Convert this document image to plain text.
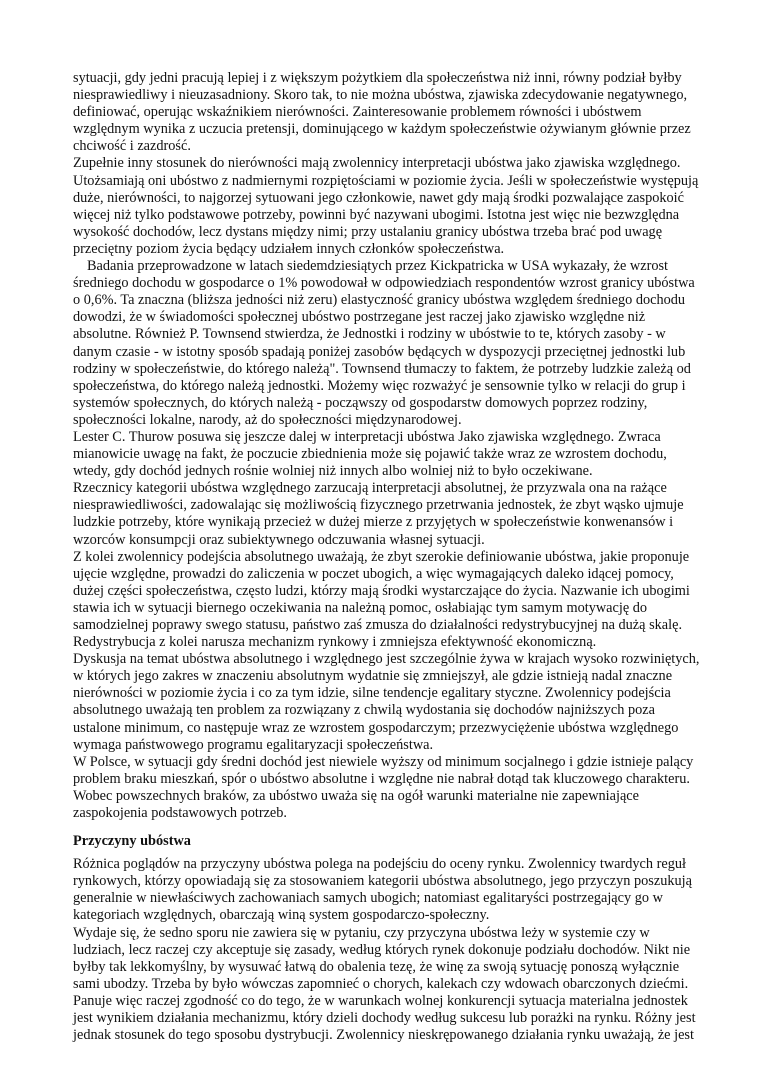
sytuacji, gdy jedni pracują lepiej i z większym pożytkiem dla społeczeństwa niż inni, równy podział byłby niesprawiedliwy i nieuzasadniony. Skoro tak, to nie można ubóstwa, zjawiska zdecydowanie negatywnego, definiować, operując wskaźnikiem nierówności. Zainteresowanie problemem równości i ubóstwem względnym wynika z uczucia pretensji, dominującego w każdym społeczeństwie ożywianym głównie przez chciwość i zazdrość.

Zupełnie inny stosunek do nierówności mają zwolennicy interpretacji ubóstwa jako zjawiska względnego. Utożsamiają oni ubóstwo z nadmiernymi rozpiętościami w poziomie życia. Jeśli w społeczeństwie występują duże, nierówności, to najgorzej sytuowani jego członkowie, nawet gdy mają środki pozwalające zaspokoić więcej niż tylko podstawowe potrzeby, powinni być nazywani ubogimi. Istotna jest więc nie bezwzględna wysokość dochodów, lecz dystans między nimi; przy ustalaniu granicy ubóstwa trzeba brać pod uwagę przeciętny poziom życia będący udziałem innych członków społeczeństwa.

Badania przeprowadzone w latach siedemdziesiątych przez Kickpatricka w USA wykazały, że wzrost średniego dochodu w gospodarce o 1% powodował w odpowiedziach respondentów wzrost granicy ubóstwa o 0,6%. Ta znaczna (bliższa jedności niż zeru) elastyczność granicy ubóstwa względem średniego dochodu dowodzi, że w świadomości społecznej ubóstwo postrzegane jest raczej jako zjawisko względne niż absolutne. Również P. Townsend stwierdza, że Jednostki i rodziny w ubóstwie to te, których zasoby - w danym czasie - w istotny sposób spadają poniżej zasobów będących w dyspozycji przeciętnej jednostki lub rodziny w społeczeństwie, do którego należą". Townsend tłumaczy to faktem, że potrzeby ludzkie zależą od społeczeństwa, do którego należą jednostki. Możemy więc rozważyć je sensownie tylko w relacji do grup i systemów społecznych, do których należą - począwszy od gospodarstw domowych poprzez rodziny, społeczności lokalne, narody, aż do społeczności międzynarodowej.

Lester C. Thurow posuwa się jeszcze dalej w interpretacji ubóstwa Jako zjawiska względnego. Zwraca mianowicie uwagę na fakt, że poczucie zbiednienia może się pojawić także wraz ze wzrostem dochodu, wtedy, gdy dochód jednych rośnie wolniej niż innych albo wolniej niż to było oczekiwane.

Rzecznicy kategorii ubóstwa względnego zarzucają interpretacji absolutnej, że przyzwala ona na rażące niesprawiedliwości, zadowalając się możliwością fizycznego przetrwania jednostek, że zbyt wąsko ujmuje ludzkie potrzeby, które wynikają przecież w dużej mierze z przyjętych w społeczeństwie konwenansów i wzorców konsumpcji oraz subiektywnego odczuwania własnej sytuacji.

Z kolei zwolennicy podejścia absolutnego uważają, że zbyt szerokie definiowanie ubóstwa, jakie proponuje ujęcie względne, prowadzi do zaliczenia w poczet ubogich, a więc wymagających daleko idącej pomocy, dużej części społeczeństwa, często ludzi, którzy mają środki wystarczające do życia. Nazwanie ich ubogimi stawia ich w sytuacji biernego oczekiwania na należną pomoc, osłabiając tym samym motywację do samodzielnej poprawy swego statusu, państwo zaś zmusza do działalności redystrybucyjnej na dużą skalę. Redystrybucja z kolei narusza mechanizm rynkowy i zmniejsza efektywność ekonomiczną.

Dyskusja na temat ubóstwa absolutnego i względnego jest szczególnie żywa w krajach wysoko rozwiniętych, w których jego zakres w znaczeniu absolutnym wydatnie się zmniejszył, ale gdzie istnieją nadal znaczne nierówności w poziomie życia i co za tym idzie, silne tendencje egalitary styczne. Zwolennicy podejścia absolutnego uważają ten problem za rozwiązany z chwilą wydostania się dochodów najniższych poza ustalone minimum, co następuje wraz ze wzrostem gospodarczym; przezwyciężenie ubóstwa względnego wymaga państwowego programu egalitaryzacji społeczeństwa.

W Polsce, w sytuacji gdy średni dochód jest niewiele wyższy od minimum socjalnego i gdzie istnieje palący problem braku mieszkań, spór o ubóstwo absolutne i względne nie nabrał dotąd tak kluczowego charakteru. Wobec powszechnych braków, za ubóstwo uważa się na ogół warunki materialne nie zapewniające zaspokojenia podstawowych potrzeb.

Przyczyny ubóstwa

Różnica poglądów na przyczyny ubóstwa polega na podejściu do oceny rynku. Zwolennicy twardych reguł rynkowych, którzy opowiadają się za stosowaniem kategorii ubóstwa absolutnego, jego przyczyn poszukują generalnie w niewłaściwych zachowaniach samych ubogich; natomiast egalitaryści postrzegający go w kategoriach względnych, obarczają winą system gospodarczo-społeczny.

Wydaje się, że sedno sporu nie zawiera się w pytaniu, czy przyczyna ubóstwa leży w systemie czy w ludziach, lecz raczej czy akceptuje się zasady, według których rynek dokonuje podziału dochodów. Nikt nie byłby tak lekkomyślny, by wysuwać łatwą do obalenia tezę, że winę za swoją sytuację ponoszą wyłącznie sami ubodzy. Trzeba by było wówczas zapomnieć o chorych, kalekach czy wdowach obarczonych dziećmi.

Panuje więc raczej zgodność co do tego, że w warunkach wolnej konkurencji sytuacja materialna jednostek jest wynikiem działania mechanizmu, który dzieli dochody według sukcesu lub porażki na rynku. Różny jest jednak stosunek do tego sposobu dystrybucji. Zwolennicy nieskrępowanego działania rynku uważają, że jest
